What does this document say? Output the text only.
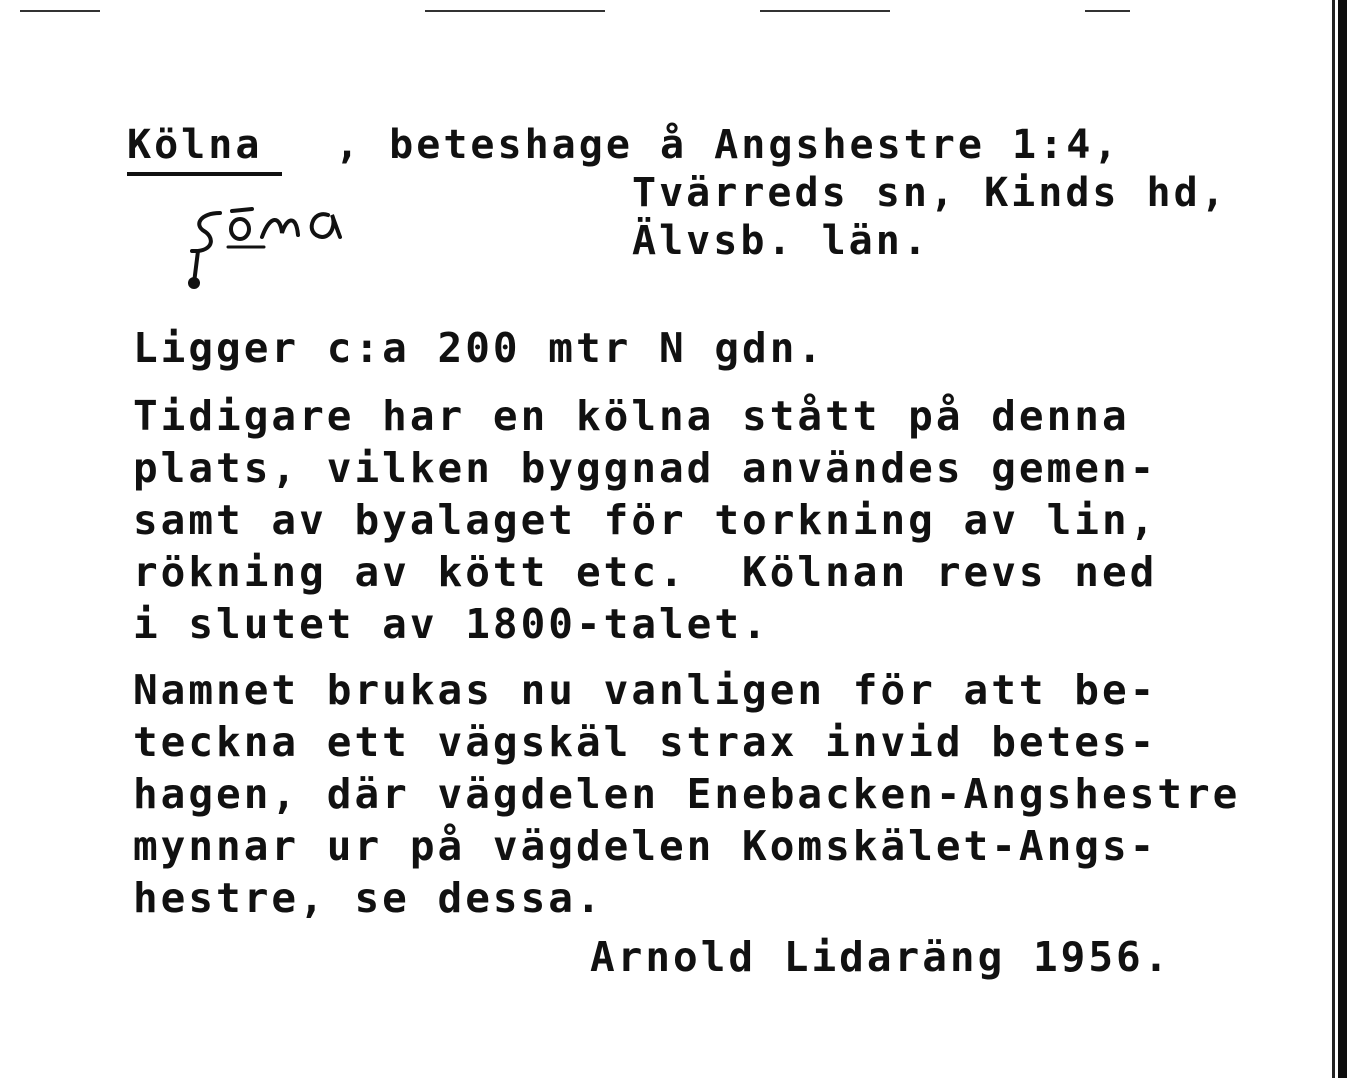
Kölna , beteshage å Angshestre 1:4,
Tvärreds sn, Kinds hd,
Älvsb. län.
Ligger c:a 200 mtr N gdn.
Tidigare har en kölna stått på denna
plats, vilken byggnad användes gemen-
samt av byalaget för torkning av lin,
rökning av kött etc.  Kölnan revs ned
i slutet av 1800-talet.
Namnet brukas nu vanligen för att be-
teckna ett vägskäl strax invid betes-
hagen, där vägdelen Enebacken-Angshestre
mynnar ur på vägdelen Komskälet-Angs-
hestre, se dessa.
Arnold Lidaräng 1956.
